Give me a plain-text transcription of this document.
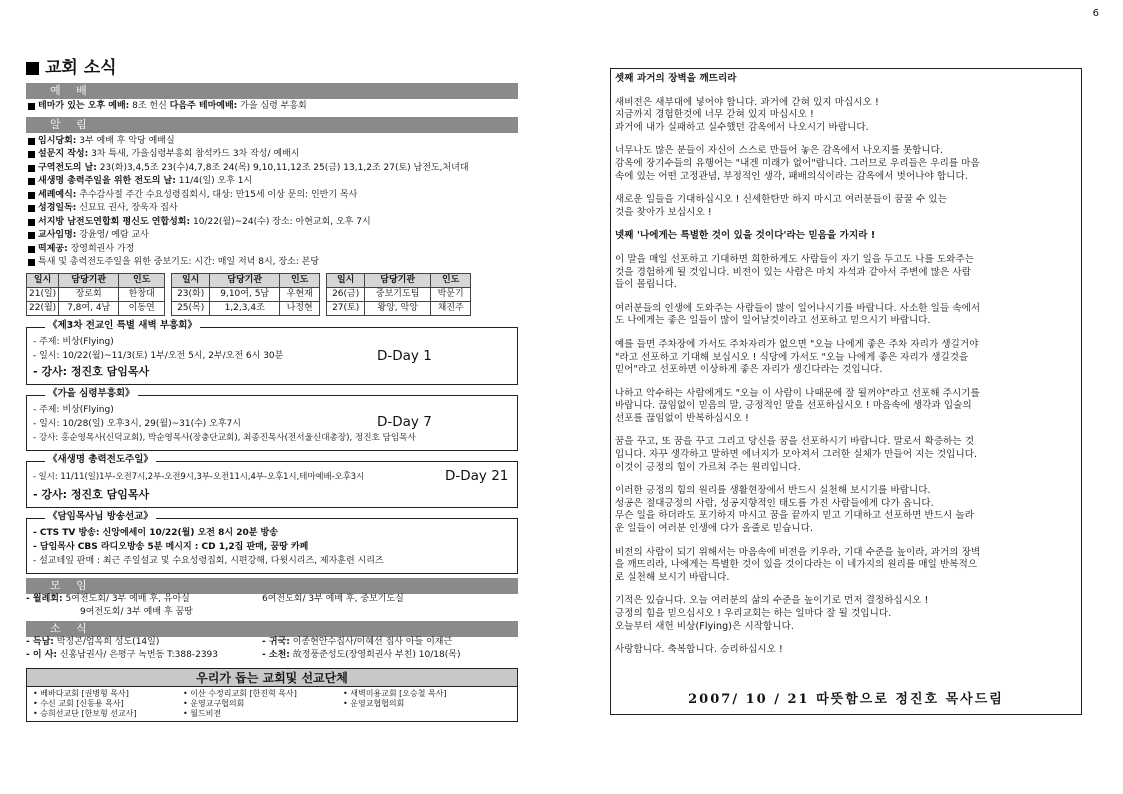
6
교회 소식
예 배
테마가 있는 오후 예배: 8조 헌신 다음주 테마예배: 가을 심령 부흥회
알 림
임시당회: 3부 예배 후 악당 예배실
설문지 작성: 3차 특새, 가을심령부흥회 참석카드 3차 작성/ 예배시
구역전도의 날: 23(화)3,4,5조 23(수)4,7,8조 24(목) 9,10,11,12조 25(금) 13,1,2조 27(토) 남전도,처녀대
새생명 총력주일을 위한 전도의 날: 11/4(일) 오후 1시
세례예식: 추수감사절 주간 수요성령집회시, 대상: 만15세 이상 문의: 인반기 목사
성경일독: 신묘묘 권사, 장욱자 집사
서지방 남전도연합회 평신도 연합성회: 10/22(월)~24(수) 장소: 아현교회, 오후 7시
교사임명: 강윤영/ 예람 교사
떡제공: 장영희권사 가정
특새 및 총력전도주일을 위한 중보기도: 시간: 매일 저녁 8시, 장소: 본당
일시	담당기관	인도
21(일)	장로회	한창대
22(월)	7,8여, 4남	이동연
일시	담당기관	인도
23(화)	9,10여, 5남	우현재
25(목)	1,2,3,4조	나정현
일시	담당기관	인도
26(금)	중보기도팀	박문기
27(토)	왕앙, 악앙	채진주
《제3차 전교인 특별 새벽 부흥회》
- 주제: 비상(Flying)
- 일시: 10/22(월)~11/3(토) 1부/오전 5시, 2부/오전 6시 30분	D-Day 1
- 강사: 정진호 담임목사
《가을 심령부흥회》
- 주제: 비상(Flying)
- 일시: 10/28(일) 오후3시, 29(월)~31(수) 오후7시	D-Day 7
- 강사: 홍순영목사(신덕교회), 박순영목사(장충단교회), 최종진목사(전서울신대총장), 정진호 담임목사
《새생명 총력전도주일》
- 일시: 11/11(일)1부-오전7시,2부-오전9시,3부-오전11시,4부-오후1시,테마예배-오후3시	D-Day 21
- 강사: 정진호 담임목사
《담임목사님 방송선교》
- CTS TV 방송: 신앙에세이 10/22(월) 오전 8시 20분 방송
- 담임목사 CBS 라디오방송 5분 메시지 : CD 1,2집 판매, 꿈땅 카페
- 설교테잎 판매 : 최근 주일설교 및 수요성령집회, 시편강해, 다윗시리즈, 제자훈련 시리즈
모 임
- 월례회: 5여전도회/ 3부 예배 후, 유아실	6여전도회/ 3부 예배 후, 중보기도실
9여전도회/ 3부 예배 후 꿈땅
소 식
- 득남: 박정곤/엄옥희 성도(14일)	- 귀국: 이종현안수집사/이혜선 집사 아들 이재근
- 이 사: 신홍남권사/ 은평구 녹번동 T:388-2393	- 소천: 故정풍준성도(장영희권사 부친) 10/18(목)
우리가 돕는 교회및 선교단체
• 베바다교회 [권병형 목사]	• 이산 수정리교회 [한진혁 목사]	• 새벽미용교회 [오승철 목사]
• 수신 교회 [신동용 목사]	• 운영교구협의회	• 운영교협협의회
• 승희선교단 [한보형 선교사]	• 월드비전

셋째 과거의 장벽을 깨뜨리라

새비전은 새부대에 넣어야 합니다. 과거에 갇혀 있지 마십시오 !

지금까지 경험한것에 너무 갇혀 있지 마십시오 !

과거에 내가 실패하고 실수했던 감옥에서 나오시기 바랍니다.

너무나도 많은 분들이 자신이 스스로 만들어 놓은 감옥에서 나오지를 못합니다.

감옥에 장기수들의 유행어는 "내겐 미래가 없어"랍니다. 그러므로 우리들은 우리를 마음

속에 있는 어떤 고정관념, 부정적인 생각, 패배의식이라는 감옥에서 벗어나야 합니다.

새로운 일들을 기대하십시오 ! 신세한탄만 하지 마시고 여러분들이 꿈꿀 수 있는

것을 찾아가 보십시오 !

넷째 '나에게는 특별한 것이 있을 것이다'라는 믿음을 가지라 !

이 말을 매일 선포하고 기대하면 희한하게도 사람들이 자기 일을 두고도 나를 도와주는

것을 경험하게 될 것입니다. 비전이 있는 사람은 마치 자석과 같아서 주변에 많은 사람

들이 몰립니다.

여러분들의 인생에 도와주는 사람들이 많이 일어나시기를 바랍니다. 사소한 일들 속에서

도 나에게는 좋은 일들이 많이 일어날것이라고 선포하고 믿으시기 바랍니다.

예를 들면 주차장에 가서도 주차자리가 없으면 "오늘 나에게 좋은 주차 자리가 생길거야

"라고 선포하고 기대해 보십시오 ! 식당에 가서도 "오늘 나에게 좋은 자리가 생길것을

믿어"라고 선포하면 이상하게 좋은 자리가 생긴다라는 것입니다.

나하고 악수하는 사람에게도 "오늘 이 사람이 나때문에 잘 될꺼야"라고 선포해 주시기를

바랍니다. 끊임없이 믿음의 말, 긍정적인 말을 선포하십시오 ! 마음속에 생각과 입술의

선포를 끊임없이 반복하십시오 !

꿈을 꾸고, 또 꿈을 꾸고 그리고 당신을 꿈을 선포하시기 바랍니다. 말로서 확증하는 것

입니다. 자꾸 생각하고 말하면 에너지가 모아져서 그러한 실체가 만들어 지는 것입니다.

이것이 긍정의 힘이 가르쳐 주는 원리입니다.

이러한 긍정의 힘의 원리를 생활현장에서 반드시 실천해 보시기를 바랍니다.

성공은 절대긍정의 사람, 성공지향적인 태도를 가진 사람들에게 다가 옵니다.

무슨 일을 하더라도 포기하지 마시고 꿈을 끝까지 믿고 기대하고 선포하면 반드시 놀라

운 일들이 여러분 인생에 다가 올줄로 믿습니다.

비전의 사람이 되기 위해서는 마음속에 비전을 키우라, 기대 수준을 높이라, 과거의 장벽

을 깨뜨리라, 나에게는 특별한 것이 있을 것이다라는 이 네가지의 원리를 매일 반복적으

로 실천해 보시기 바랍니다.

기적은 있습니다. 오늘 여러분의 삶의 수준을 높이기로 먼저 결정하십시오 !

긍정의 힘을 믿으십시오 ! 우리교회는 하는 일마다 잘 될 것입니다.

오늘부터 새헌 비상(Flying)은 시작합니다.

사랑합니다. 축복합니다. 승리하십시오 !

2007/ 10 / 21 따뜻함으로 정진호 목사드림
